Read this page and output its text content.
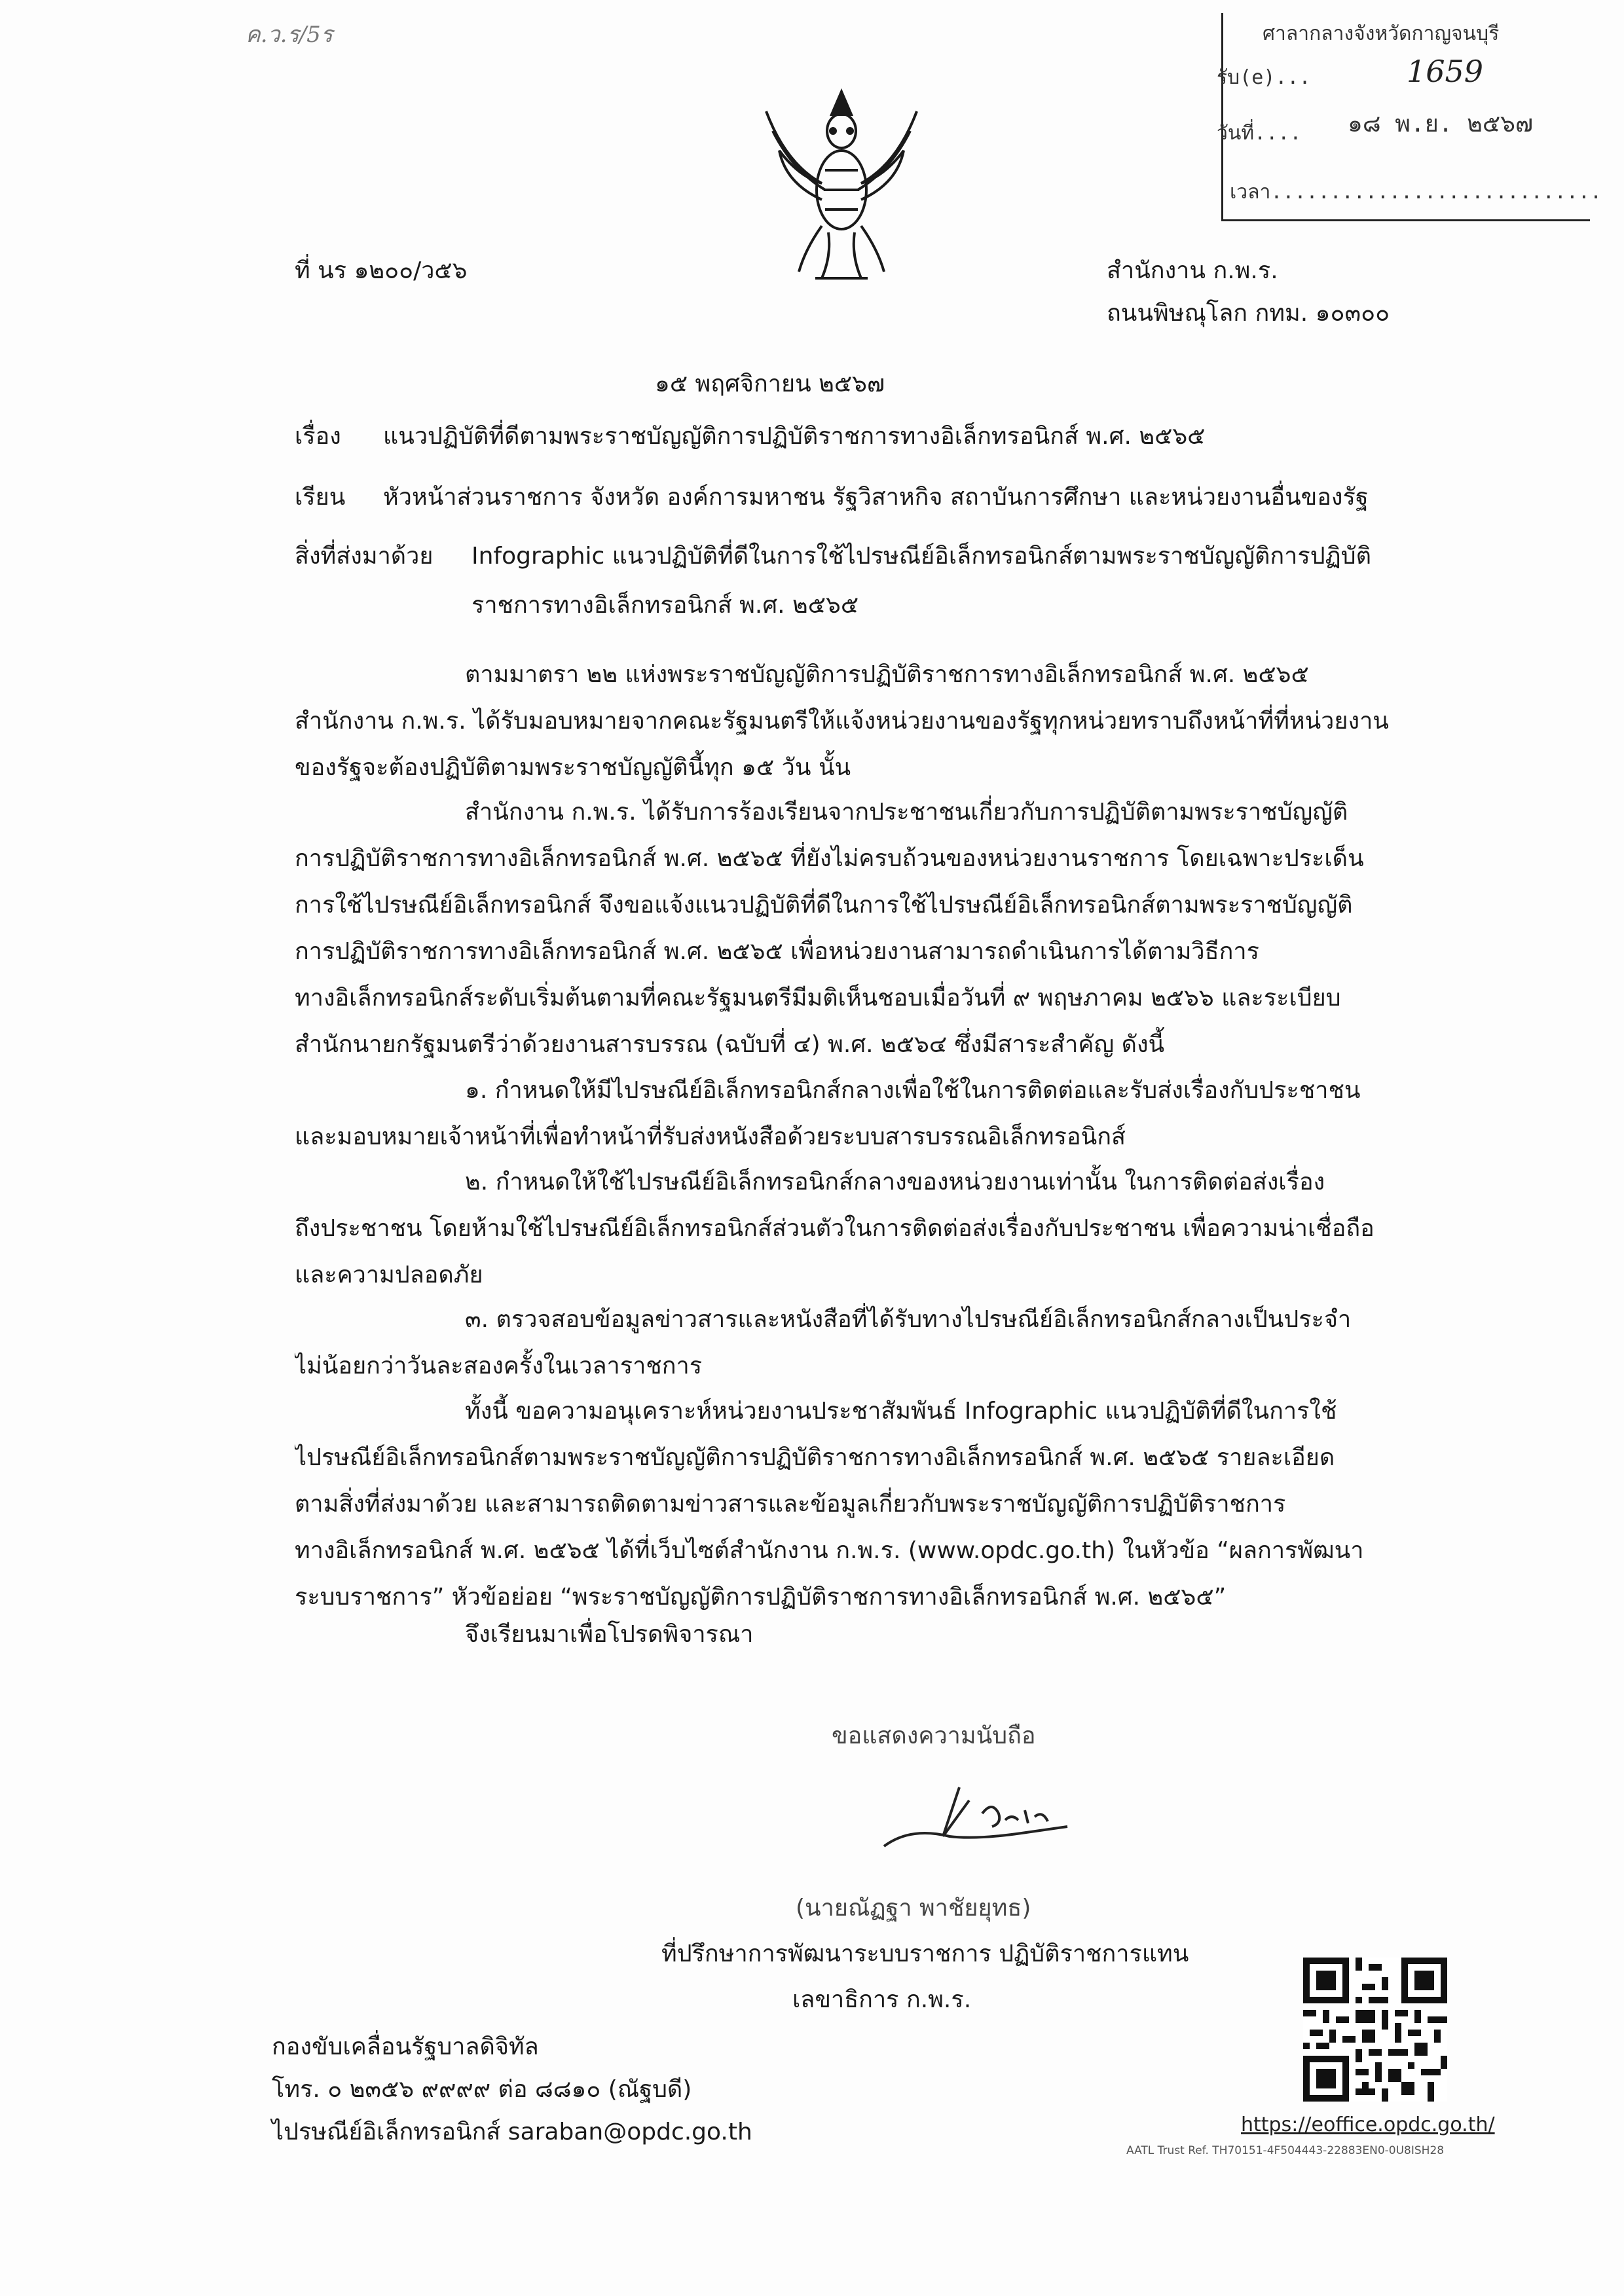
ค.ว.ร/5ร	ศาลากลางจังหวัดกาญจนบุรี
รับ(e)...	1659
วันที่.... ๑๘ พ.ย. ๒๕๖๗
เวลา............................
ที่ นร ๑๒๐๐/ว๕๖	สำนักงาน ก.พ.ร.
ถนนพิษณุโลก กทม. ๑๐๓๐๐
๑๕ พฤศจิกายน ๒๕๖๗
เรื่อง แนวปฏิบัติที่ดีตามพระราชบัญญัติการปฏิบัติราชการทางอิเล็กทรอนิกส์ พ.ศ. ๒๕๖๕
เรียน หัวหน้าส่วนราชการ จังหวัด องค์การมหาชน รัฐวิสาหกิจ สถาบันการศึกษา และหน่วยงานอื่นของรัฐ
สิ่งที่ส่งมาด้วย Infographic แนวปฏิบัติที่ดีในการใช้ไปรษณีย์อิเล็กทรอนิกส์ตามพระราชบัญญัติการปฏิบัติ
ราชการทางอิเล็กทรอนิกส์ พ.ศ. ๒๕๖๕
ตามมาตรา ๒๒ แห่งพระราชบัญญัติการปฏิบัติราชการทางอิเล็กทรอนิกส์ พ.ศ. ๒๕๖๕
สำนักงาน ก.พ.ร. ได้รับมอบหมายจากคณะรัฐมนตรีให้แจ้งหน่วยงานของรัฐทุกหน่วยทราบถึงหน้าที่ที่หน่วยงาน
ของรัฐจะต้องปฏิบัติตามพระราชบัญญัตินี้ทุก ๑๕ วัน นั้น
สำนักงาน ก.พ.ร. ได้รับการร้องเรียนจากประชาชนเกี่ยวกับการปฏิบัติตามพระราชบัญญัติ
การปฏิบัติราชการทางอิเล็กทรอนิกส์ พ.ศ. ๒๕๖๕ ที่ยังไม่ครบถ้วนของหน่วยงานราชการ โดยเฉพาะประเด็น
การใช้ไปรษณีย์อิเล็กทรอนิกส์ จึงขอแจ้งแนวปฏิบัติที่ดีในการใช้ไปรษณีย์อิเล็กทรอนิกส์ตามพระราชบัญญัติ
การปฏิบัติราชการทางอิเล็กทรอนิกส์ พ.ศ. ๒๕๖๕ เพื่อหน่วยงานสามารถดำเนินการได้ตามวิธีการ
ทางอิเล็กทรอนิกส์ระดับเริ่มต้นตามที่คณะรัฐมนตรีมีมติเห็นชอบเมื่อวันที่ ๙ พฤษภาคม ๒๕๖๖ และระเบียบ
สำนักนายกรัฐมนตรีว่าด้วยงานสารบรรณ (ฉบับที่ ๔) พ.ศ. ๒๕๖๔ ซึ่งมีสาระสำคัญ ดังนี้
๑. กำหนดให้มีไปรษณีย์อิเล็กทรอนิกส์กลางเพื่อใช้ในการติดต่อและรับส่งเรื่องกับประชาชน
และมอบหมายเจ้าหน้าที่เพื่อทำหน้าที่รับส่งหนังสือด้วยระบบสารบรรณอิเล็กทรอนิกส์
๒. กำหนดให้ใช้ไปรษณีย์อิเล็กทรอนิกส์กลางของหน่วยงานเท่านั้น ในการติดต่อส่งเรื่อง
ถึงประชาชน โดยห้ามใช้ไปรษณีย์อิเล็กทรอนิกส์ส่วนตัวในการติดต่อส่งเรื่องกับประชาชน เพื่อความน่าเชื่อถือ
และความปลอดภัย
๓. ตรวจสอบข้อมูลข่าวสารและหนังสือที่ได้รับทางไปรษณีย์อิเล็กทรอนิกส์กลางเป็นประจำ
ไม่น้อยกว่าวันละสองครั้งในเวลาราชการ
ทั้งนี้ ขอความอนุเคราะห์หน่วยงานประชาสัมพันธ์ Infographic แนวปฏิบัติที่ดีในการใช้
ไปรษณีย์อิเล็กทรอนิกส์ตามพระราชบัญญัติการปฏิบัติราชการทางอิเล็กทรอนิกส์ พ.ศ. ๒๕๖๕ รายละเอียด
ตามสิ่งที่ส่งมาด้วย และสามารถติดตามข่าวสารและข้อมูลเกี่ยวกับพระราชบัญญัติการปฏิบัติราชการ
ทางอิเล็กทรอนิกส์ พ.ศ. ๒๕๖๕ ได้ที่เว็บไซต์สำนักงาน ก.พ.ร. (www.opdc.go.th) ในหัวข้อ “ผลการพัฒนา
ระบบราชการ” หัวข้อย่อย “พระราชบัญญัติการปฏิบัติราชการทางอิเล็กทรอนิกส์ พ.ศ. ๒๕๖๕”
จึงเรียนมาเพื่อโปรดพิจารณา
ขอแสดงความนับถือ
(นายณัฏฐา พาชัยยุทธ)
ที่ปรึกษาการพัฒนาระบบราชการ ปฏิบัติราชการแทน
เลขาธิการ ก.พ.ร.
กองขับเคลื่อนรัฐบาลดิจิทัล
โทร. ๐ ๒๓๕๖ ๙๙๙๙ ต่อ ๘๘๑๐ (ณัฐบดี)
ไปรษณีย์อิเล็กทรอนิกส์ saraban@opdc.go.th	https://eoffice.opdc.go.th/
AATL Trust Ref. TH70151-4F504443-22883EN0-0U8ISH28
